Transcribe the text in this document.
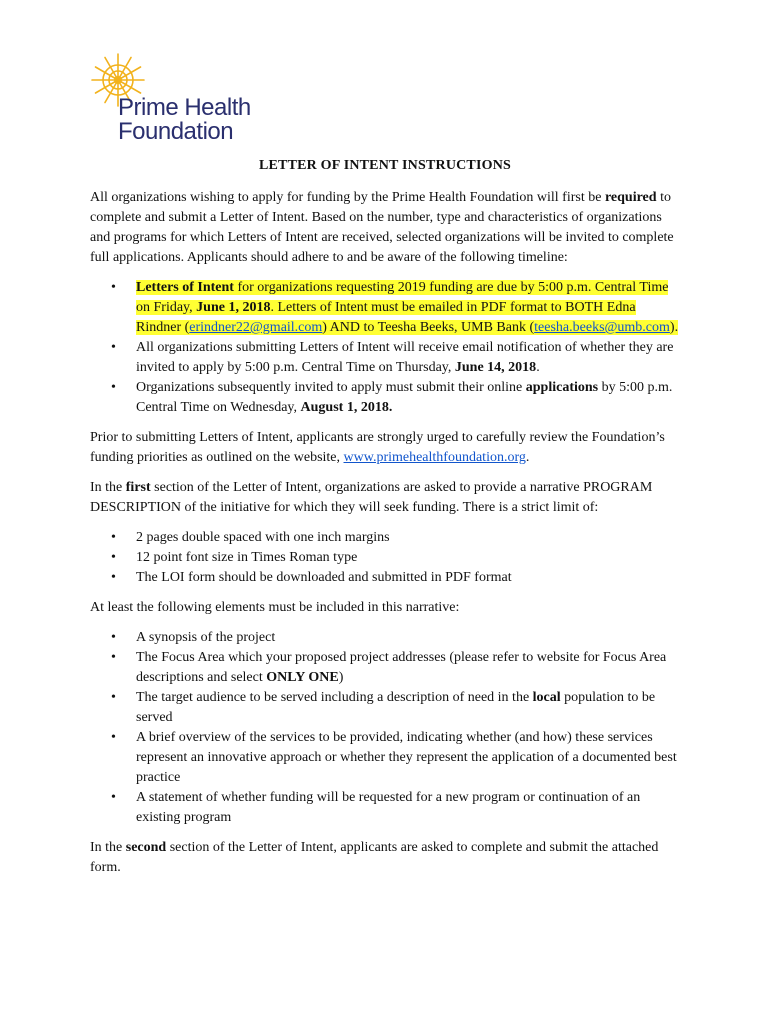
Prime Health
Foundation
LETTER OF INTENT INSTRUCTIONS

All organizations wishing to apply for funding by the Prime Health Foundation will first be required to complete and submit a Letter of Intent. Based on the number, type and characteristics of organizations and programs for which Letters of Intent are received, selected organizations will be invited to complete full applications. Applicants should adhere to and be aware of the following timeline:

• Letters of Intent for organizations requesting 2019 funding are due by 5:00 p.m. Central Time on Friday, June 1, 2018. Letters of Intent must be emailed in PDF format to BOTH Edna Rindner (erindner22@gmail.com) AND to Teesha Beeks, UMB Bank (teesha.beeks@umb.com).
• All organizations submitting Letters of Intent will receive email notification of whether they are invited to apply by 5:00 p.m. Central Time on Thursday, June 14, 2018.
• Organizations subsequently invited to apply must submit their online applications by 5:00 p.m. Central Time on Wednesday, August 1, 2018.

Prior to submitting Letters of Intent, applicants are strongly urged to carefully review the Foundation’s funding priorities as outlined on the website, www.primehealthfoundation.org.

In the first section of the Letter of Intent, organizations are asked to provide a narrative PROGRAM DESCRIPTION of the initiative for which they will seek funding. There is a strict limit of:

• 2 pages double spaced with one inch margins
• 12 point font size in Times Roman type
• The LOI form should be downloaded and submitted in PDF format

At least the following elements must be included in this narrative:

• A synopsis of the project
• The Focus Area which your proposed project addresses (please refer to website for Focus Area descriptions and select ONLY ONE)
• The target audience to be served including a description of need in the local population to be served
• A brief overview of the services to be provided, indicating whether (and how) these services represent an innovative approach or whether they represent the application of a documented best practice
• A statement of whether funding will be requested for a new program or continuation of an existing program

In the second section of the Letter of Intent, applicants are asked to complete and submit the attached form.
